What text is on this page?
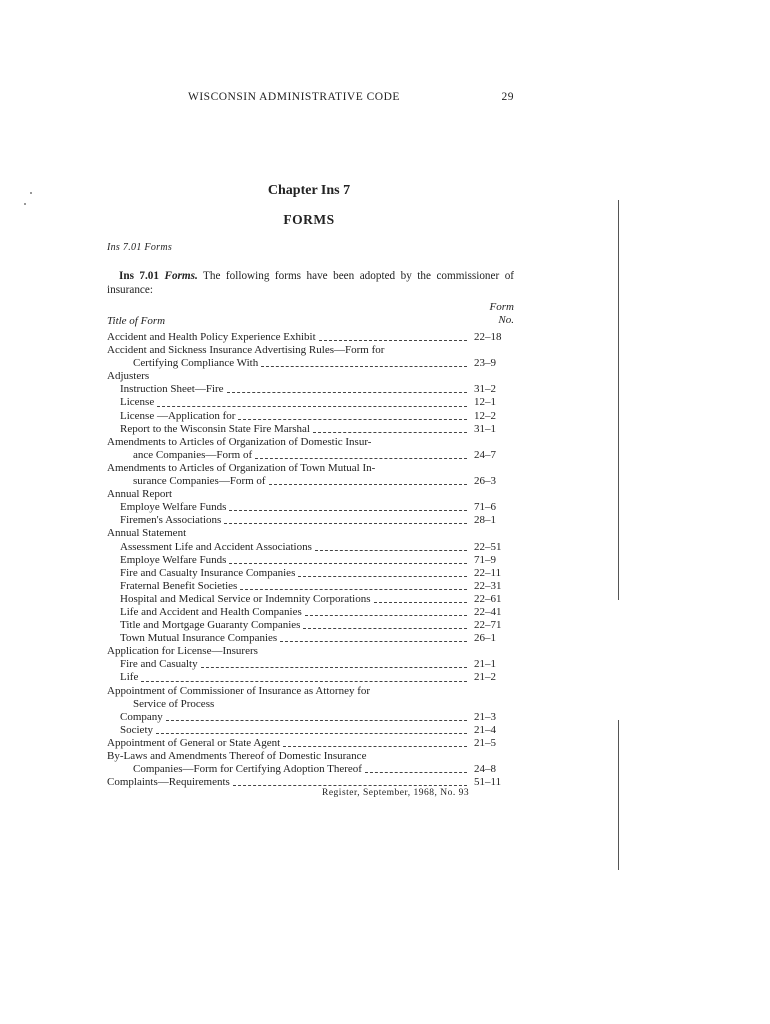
WISCONSIN ADMINISTRATIVE CODE	29
Chapter Ins 7
FORMS
Ins 7.01 Forms
Ins 7.01 Forms. The following forms have been adopted by the commissioner of insurance:
Form
No.
Title of Form
Accident and Health Policy Experience Exhibit	22–18
Accident and Sickness Insurance Advertising Rules—Form for
Certifying Compliance With	23–9
Adjusters
Instruction Sheet—Fire	31–2
License	12–1
License —Application for	12–2
Report to the Wisconsin State Fire Marshal	31–1
Amendments to Articles of Organization of Domestic Insur-
ance Companies—Form of	24–7
Amendments to Articles of Organization of Town Mutual In-
surance Companies—Form of	26–3
Annual Report
Employe Welfare Funds	71–6
Firemen's Associations	28–1
Annual Statement
Assessment Life and Accident Associations	22–51
Employe Welfare Funds	71–9
Fire and Casualty Insurance Companies	22–11
Fraternal Benefit Societies	22–31
Hospital and Medical Service or Indemnity Corporations	22–61
Life and Accident and Health Companies	22–41
Title and Mortgage Guaranty Companies	22–71
Town Mutual Insurance Companies	26–1
Application for License—Insurers
Fire and Casualty	21–1
Life	21–2
Appointment of Commissioner of Insurance as Attorney for
Service of Process
Company	21–3
Society	21–4
Appointment of General or State Agent	21–5
By-Laws and Amendments Thereof of Domestic Insurance
Companies—Form for Certifying Adoption Thereof	24–8
Complaints—Requirements	51–11
Register, September, 1968, No. 93
